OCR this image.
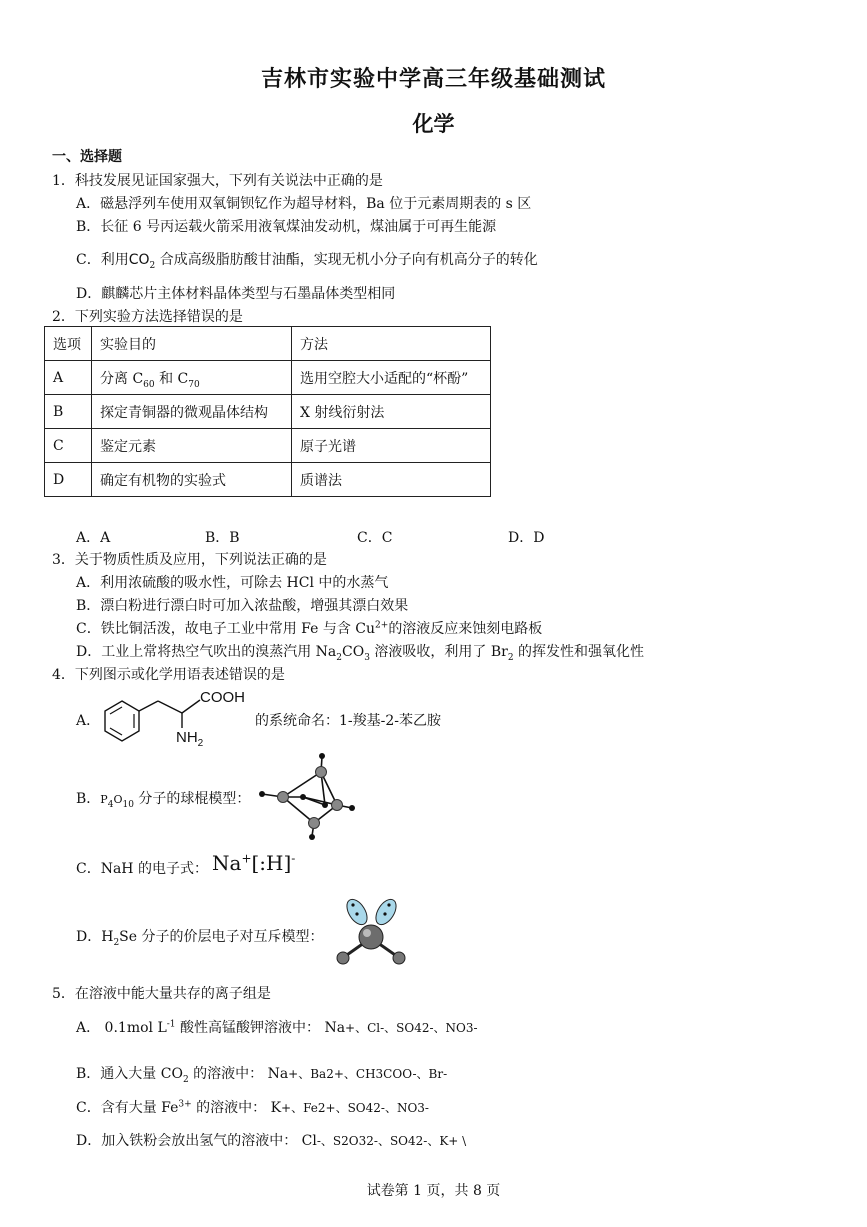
吉林市实验中学高三年级基础测试
化学
一、选择题
1．科技发展见证国家强大，下列有关说法中正确的是
A．磁悬浮列车使用双氧铜钡钇作为超导材料，Ba 位于元素周期表的 s 区
B．长征 6 号丙运载火箭采用液氧煤油发动机，煤油属于可再生能源
C．利用$CO_2$ 合成高级脂肪酸甘油酯，实现无机小分子向有机高分子的转化
D．麒麟芯片主体材料晶体类型与石墨晶体类型相同
2．下列实验方法选择错误的是
选项	实验目的	方法
A	分离 $C_{60}$ 和 $C_{70}$	选用空腔大小适配的“杯酚”
B	探定青铜器的微观晶体结构	X 射线衍射法
C	鉴定元素	原子光谱
D	确定有机物的实验式	质谱法
A．A	B．B	C．C	D．D
3．关于物质性质及应用，下列说法正确的是
A．利用浓硫酸的吸水性，可除去 HCl 中的水蒸气
B．漂白粉进行漂白时可加入浓盐酸，增强其漂白效果
C．铁比铜活泼，故电子工业中常用 Fe 与含 $Cu^{2+}$的溶液反应来蚀刻电路板
D．工业上常将热空气吹出的溴蒸汽用 $Na_2CO_3$ 溶液吸收，利用了 $Br_2$ 的挥发性和强氧化性
4．下列图示或化学用语表述错误的是
A．
COOH
$NH_2$
的系统命名：1-羧基-2-苯乙胺
B．$P_4O_{10}$ 分子的球棍模型：
C．NaH 的电子式： Na+[:H]-
D．$H_2Se$ 分子的价层电子对互斥模型：
5．在溶液中能大量共存的离子组是
A． 0.1mol $L^{-1}$ 酸性高锰酸钾溶液中： Na+、Cl-、SO42-、NO3-
B．通入大量 $CO_2$ 的溶液中： Na+、Ba2+、CH3COO-、Br-
C．含有大量 $Fe^{3+}$ 的溶液中： K+、Fe2+、SO42-、NO3-
D．加入铁粉会放出氢气的溶液中： Cl-、S2O32-、SO42-、K+ \
试卷第 1 页，共 8 页
